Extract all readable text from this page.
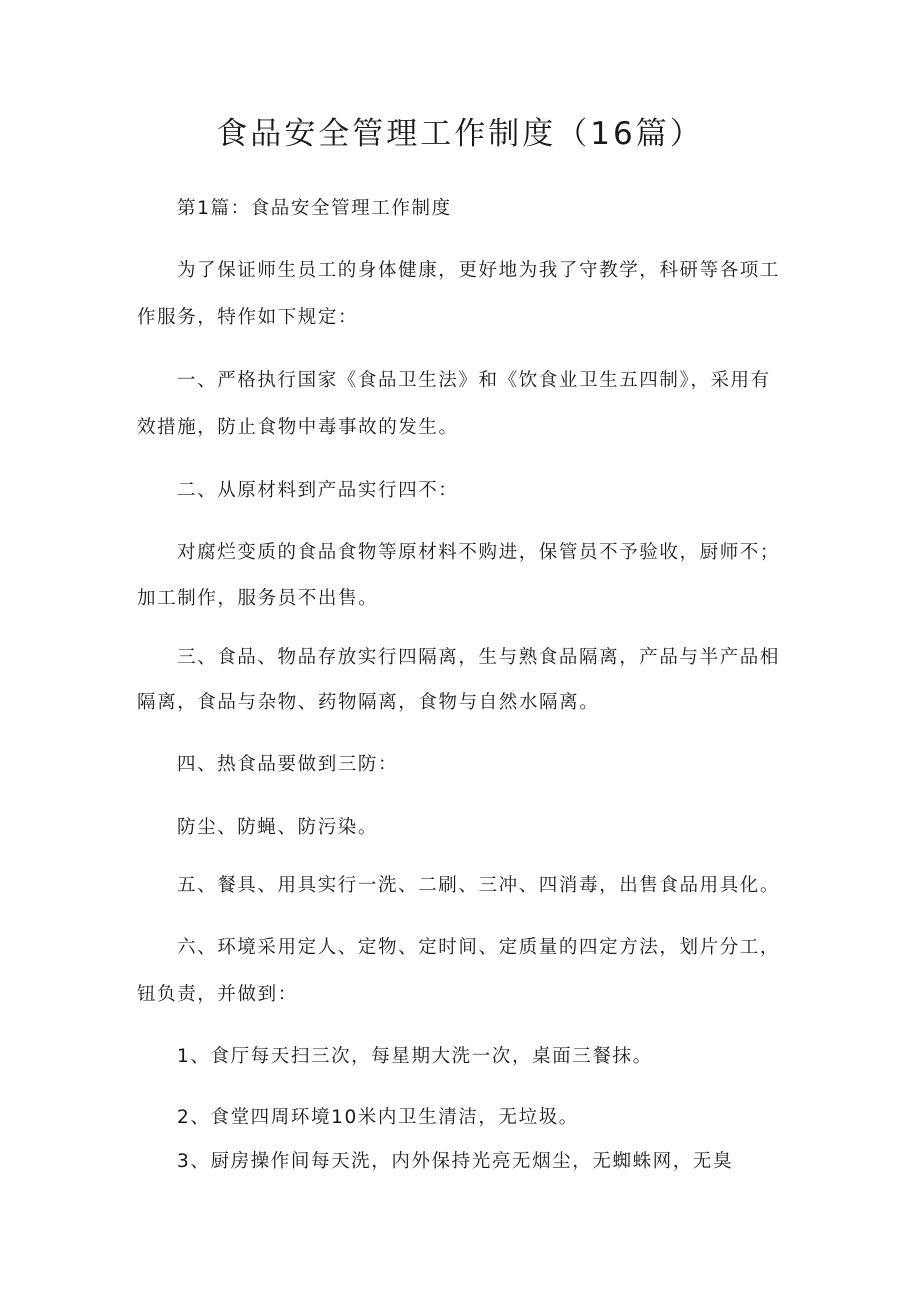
食品安全管理工作制度（16篇）

第1篇：食品安全管理工作制度

为了保证师生员工的身体健康，更好地为我了守教学，科研等各项工

作服务，特作如下规定：

一、严格执行国家《食品卫生法》和《饮食业卫生五四制》，采用有

效措施，防止食物中毒事故的发生。

二、从原材料到产品实行四不：

对腐烂变质的食品食物等原材料不购进，保管员不予验收，厨师不；

加工制作，服务员不出售。

三、食品、物品存放实行四隔离，生与熟食品隔离，产品与半产品相

隔离，食品与杂物、药物隔离，食物与自然水隔离。

四、热食品要做到三防：

防尘、防蝇、防污染。

五、餐具、用具实行一洗、二刷、三冲、四消毒，出售食品用具化。

六、环境采用定人、定物、定时间、定质量的四定方法，划片分工，

钮负责，并做到：

1、食厅每天扫三次，每星期大洗一次，桌面三餐抹。

2、食堂四周环境10米内卫生清洁，无垃圾。

3、厨房操作间每天洗，内外保持光亮无烟尘，无蜘蛛网，无臭
